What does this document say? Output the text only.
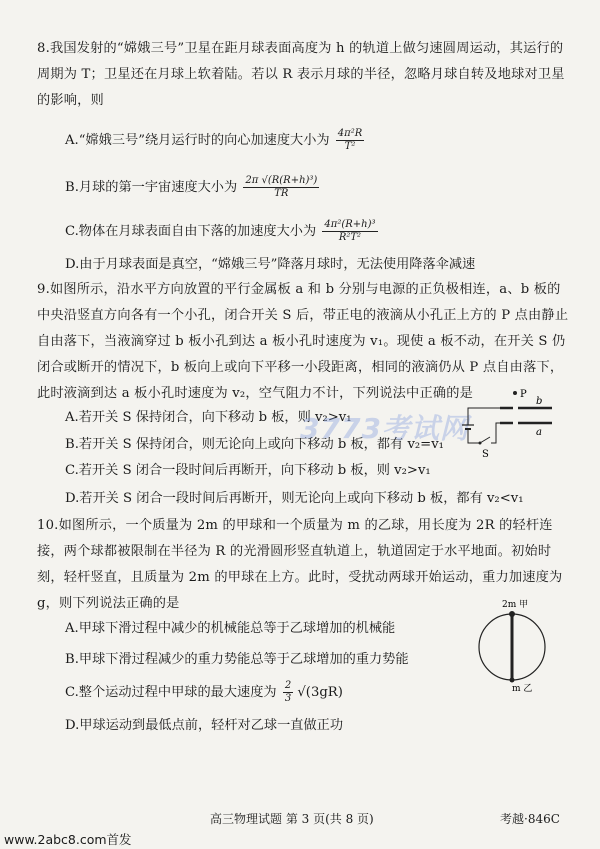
8.我国发射的“嫦娥三号”卫星在距月球表面高度为 h 的轨道上做匀速圆周运动，其运行的周期为 T；卫星还在月球上软着陆。若以 R 表示月球的半径，忽略月球自转及地球对卫星的影响，则

A.“嫦娥三号”绕月运行时的向心加速度大小为 $\frac{\text{4π²R}}{\text{T²}}$
B.月球的第一宇宙速度大小为 $\frac{\text{2π √(R(R+h)³)}}{TR}$
C.物体在月球表面自由下落的加速度大小为 $\frac{\text{4π²(R+h)³}}{\text{R²T²}}$
D.由于月球表面是真空，“嫦娥三号”降落月球时，无法使用降落伞减速

9.如图所示，沿水平方向放置的平行金属板 a 和 b 分别与电源的正负极相连，a、b 板的中央沿竖直方向各有一个小孔，闭合开关 S 后，带正电的液滴从小孔正上方的 P 点由静止自由落下，当液滴穿过 b 板小孔到达 a 板小孔时速度为 v₁。现使 a 板不动，在开关 S 仍闭合或断开的情况下，b 板向上或向下平移一小段距离，相同的液滴仍从 P 点自由落下，此时液滴到达 a 板小孔时速度为 v₂，空气阻力不计，下列说法中正确的是

A.若开关 S 保持闭合，向下移动 b 板，则 v₂>v₁
B.若开关 S 保持闭合，则无论向上或向下移动 b 板，都有 v₂=v₁
C.若开关 S 闭合一段时间后再断开，向下移动 b 板，则 v₂>v₁
D.若开关 S 闭合一段时间后再断开，则无论向上或向下移动 b 板，都有 v₂<v₁
3773考试网
P
b
a
S

10.如图所示，一个质量为 2m 的甲球和一个质量为 m 的乙球，用长度为 2R 的轻杆连接，两个球都被限制在半径为 R 的光滑圆形竖直轨道上，轨道固定于水平地面。初始时刻，轻杆竖直，且质量为 2m 的甲球在上方。此时，受扰动两球开始运动，重力加速度为 g，则下列说法正确的是

A.甲球下滑过程中减少的机械能总等于乙球增加的机械能
B.甲球下滑过程减少的重力势能总等于乙球增加的重力势能
C.整个运动过程中甲球的最大速度为 $\frac{2}{3} √(3gR)$
D.甲球运动到最低点前，轻杆对乙球一直做正功
2m 甲
m 乙
高三物理试题 第 3 页(共 8 页)	考越·846C
www.2abc8.com首发
